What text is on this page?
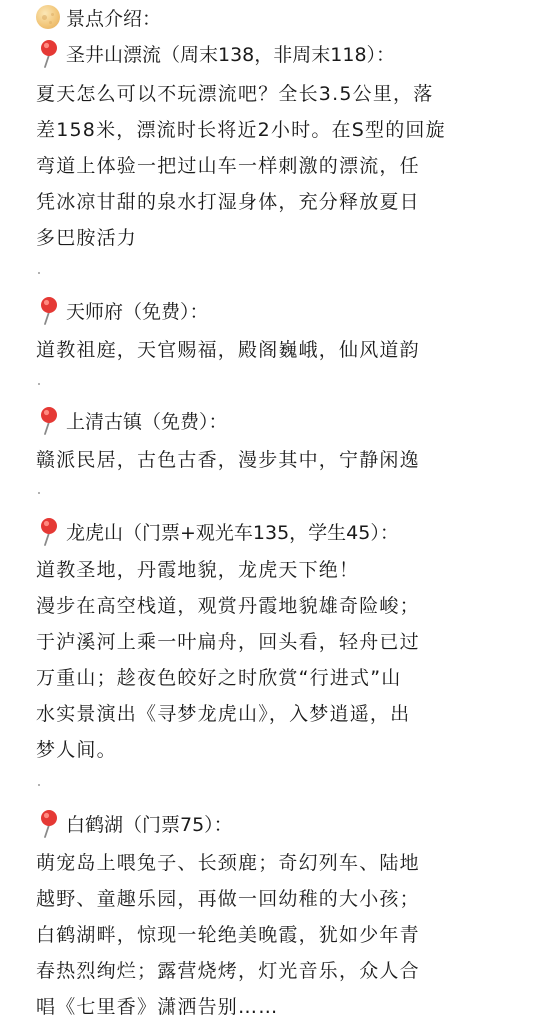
景点介绍：
圣井山漂流（周末138，非周末118）：
夏天怎么可以不玩漂流吧？全长3.5公里，落
差158米，漂流时长将近2小时。在S型的回旋
弯道上体验一把过山车一样刺激的漂流，任
凭冰凉甘甜的泉水打湿身体，充分释放夏日
多巴胺活力
天师府（免费）：
道教祖庭，天官赐福，殿阁巍峨，仙风道韵
上清古镇（免费）：
赣派民居，古色古香，漫步其中，宁静闲逸
龙虎山（门票+观光车135，学生45）：
道教圣地，丹霞地貌，龙虎天下绝！
漫步在高空栈道，观赏丹霞地貌雄奇险峻；
于泸溪河上乘一叶扁舟，回头看，轻舟已过
万重山；趁夜色皎好之时欣赏“行进式”山
水实景演出《寻梦龙虎山》，入梦逍遥，出
梦人间。
白鹤湖（门票75）：
萌宠岛上喂兔子、长颈鹿；奇幻列车、陆地
越野、童趣乐园，再做一回幼稚的大小孩；
白鹤湖畔，惊现一轮绝美晚霞，犹如少年青
春热烈绚烂；露营烧烤，灯光音乐，众人合
唱《七里香》潇洒告别……
